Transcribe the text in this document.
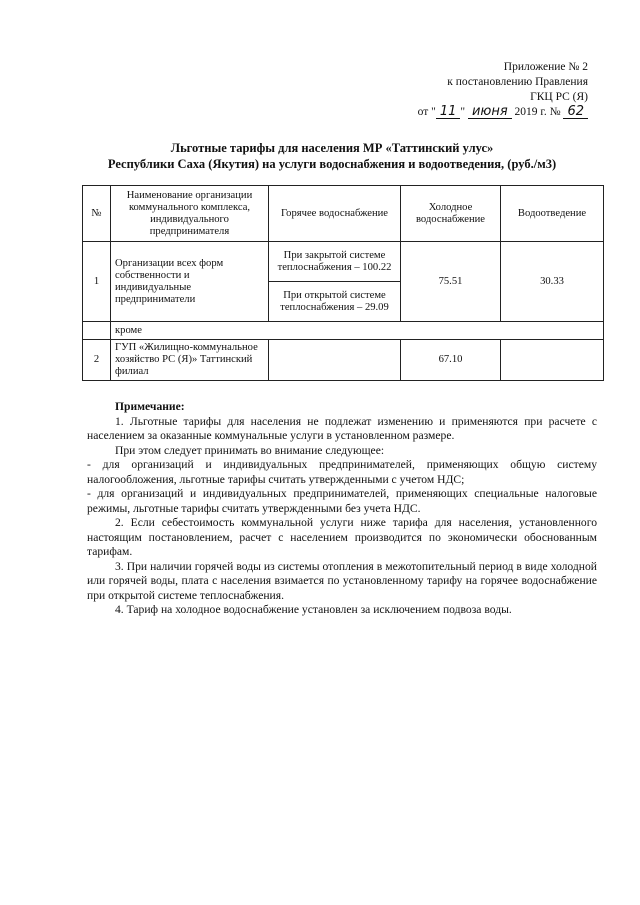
Приложение № 2
к постановлению Правления
ГКЦ РС (Я)
от " 11 " июня 2019 г. № 62
Льготные тарифы для населения МР «Таттинский улус»
Республики Саха (Якутия) на услуги водоснабжения и водоотведения, (руб./м3)
№	Наименование организации коммунального комплекса, индивидуального предпринимателя	Горячее водоснабжение	Холодное водоснабжение	Водоотведение
1	Организации всех форм собственности и индивидуальные предприниматели	При закрытой системе теплоснабжения – 100.22	75.51	30.33
		При открытой системе теплоснабжения – 29.09		
	кроме			
2	ГУП «Жилищно-коммунальное хозяйство РС (Я)» Таттинский филиал		67.10	

Примечание:

1. Льготные тарифы для населения не подлежат изменению и применяются при расчете с населением за оказанные коммунальные услуги в установленном размере.

При этом следует принимать во внимание следующее:

- для организаций и индивидуальных предпринимателей, применяющих общую систему налогообложения, льготные тарифы считать утвержденными с учетом НДС;

- для организаций и индивидуальных предпринимателей, применяющих специальные налоговые режимы, льготные тарифы считать утвержденными без учета НДС.

2. Если себестоимость коммунальной услуги ниже тарифа для населения, установленного настоящим постановлением, расчет с населением производится по экономически обоснованным тарифам.

3. При наличии горячей воды из системы отопления в межотопительный период в виде холодной или горячей воды, плата с населения взимается по установленному тарифу на горячее водоснабжение при открытой системе теплоснабжения.

4. Тариф на холодное водоснабжение установлен за исключением подвоза воды.
